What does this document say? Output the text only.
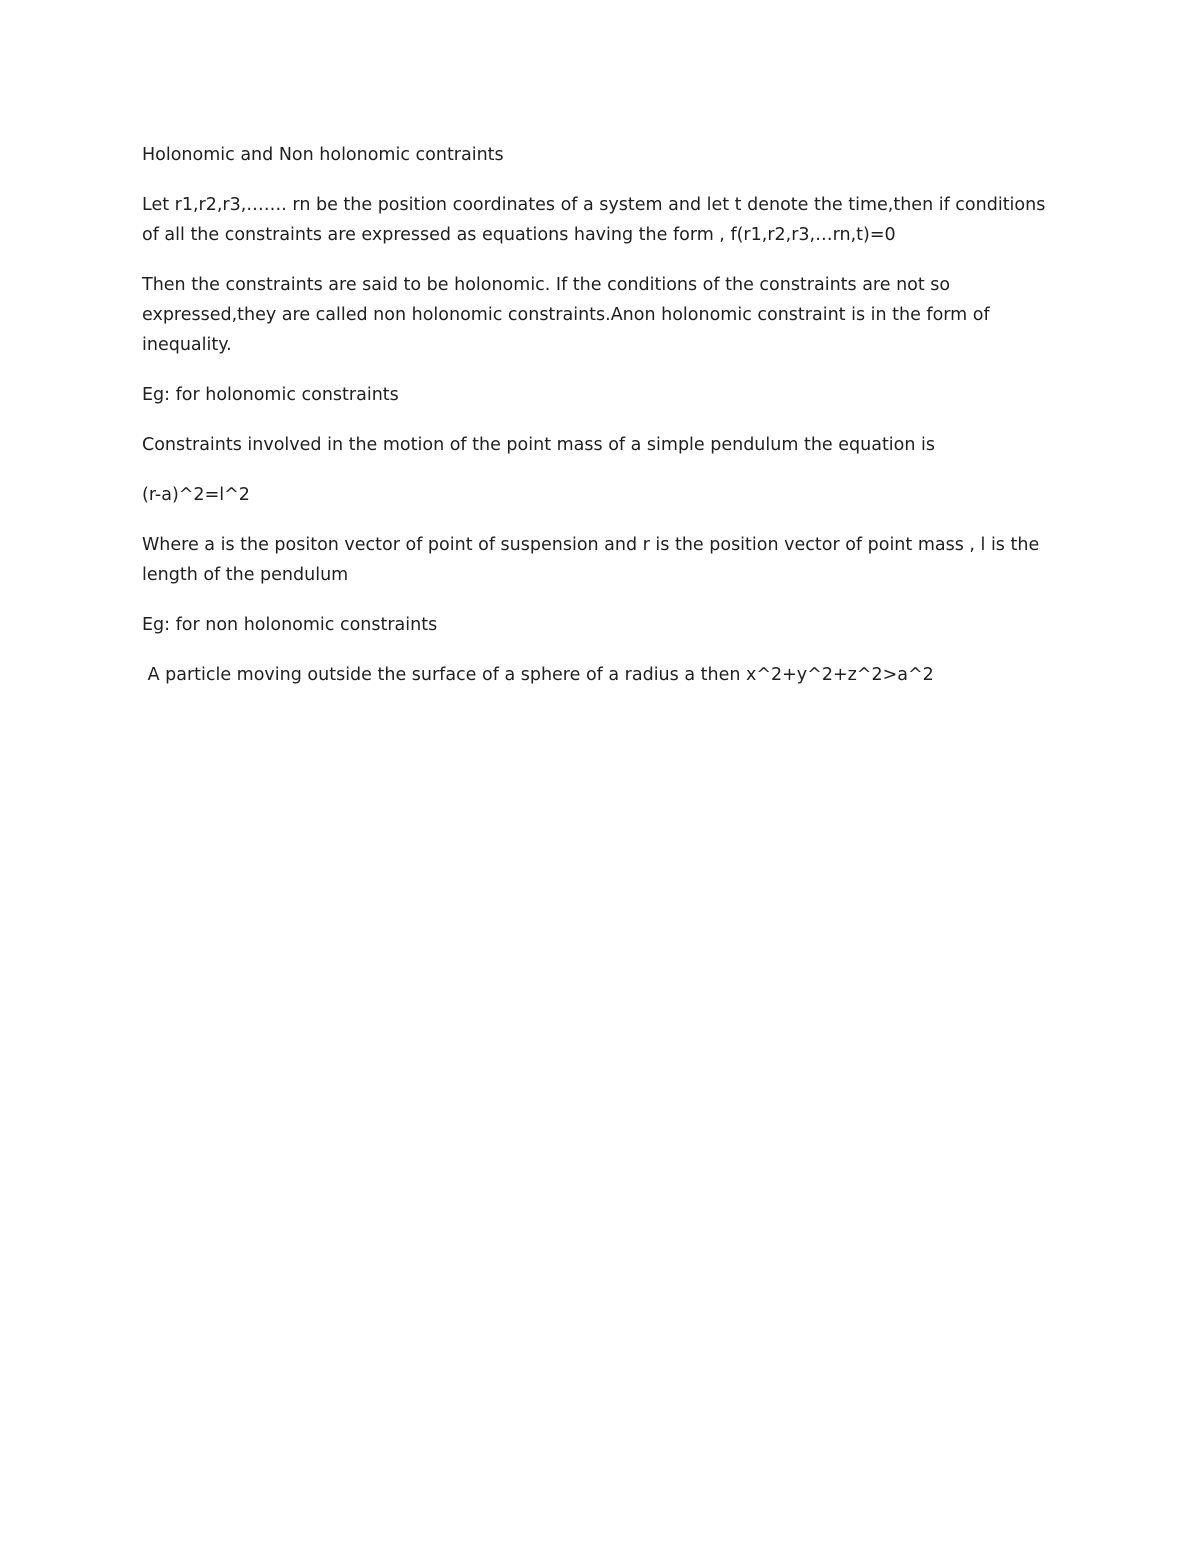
Holonomic and Non holonomic contraints

Let r1,r2,r3,……. rn be the position coordinates of a system and let t denote the time,then if conditions of all the constraints are expressed as equations having the form , f(r1,r2,r3,…rn,t)=0

Then the constraints are said to be holonomic. If the conditions of the constraints are not so expressed,they are called non holonomic constraints.Anon holonomic constraint is in the form of inequality.

Eg: for holonomic constraints

Constraints involved in the motion of the point mass of a simple pendulum the equation is

(r-a)^2=l^2

Where a is the positon vector of point of suspension and r is the position vector of point mass , l is the length of the pendulum

Eg: for non holonomic constraints

A particle moving outside the surface of a sphere of a radius a then x^2+y^2+z^2>a^2
